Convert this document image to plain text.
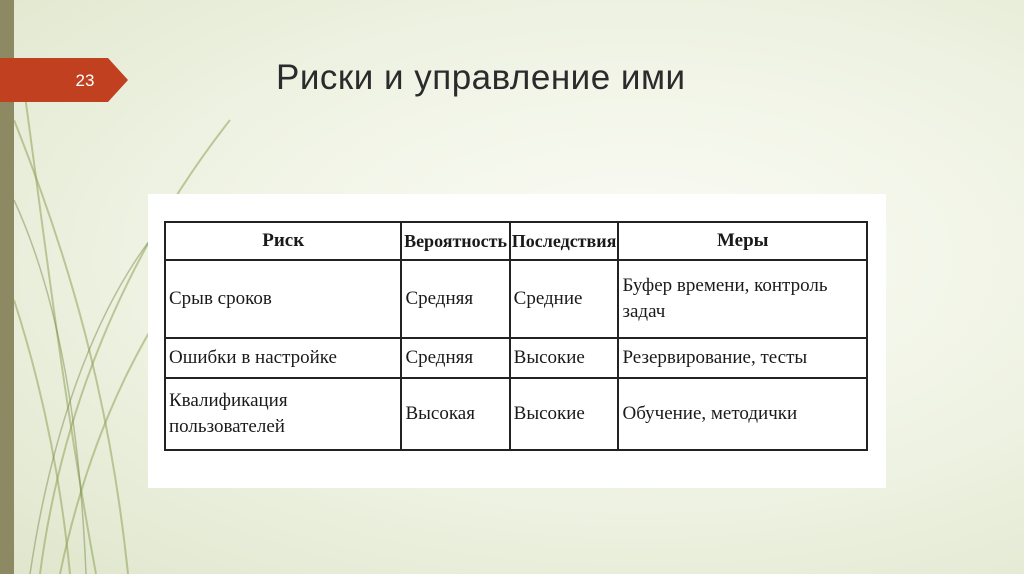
23	Риски и управление ими
Риск	Вероятность	Последствия	Меры
Срыв сроков	Средняя	Средние	Буфер времени, контроль задач
Ошибки в настройке	Средняя	Высокие	Резервирование, тесты
Квалификация пользователей	Высокая	Высокие	Обучение, методички
